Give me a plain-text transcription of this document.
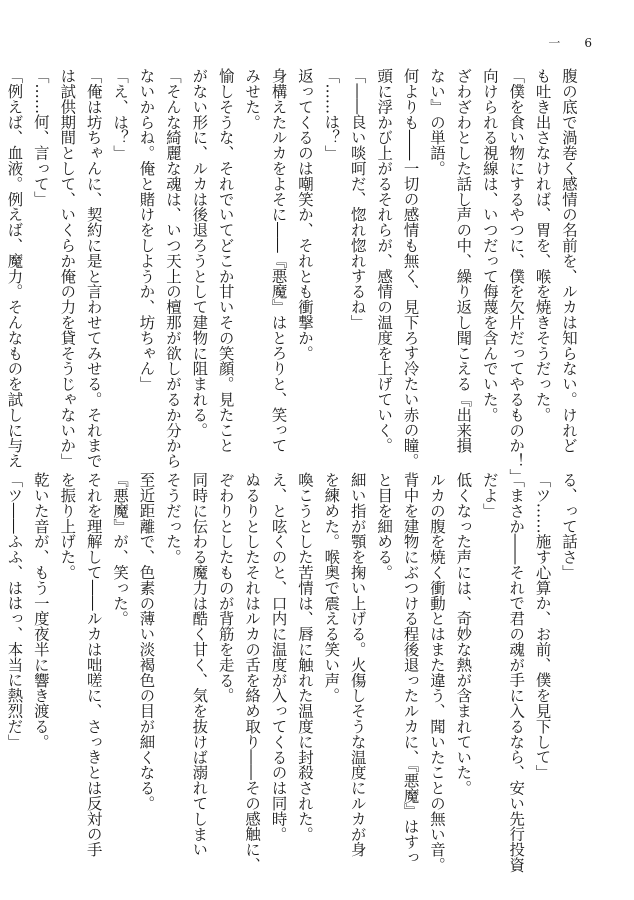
一　6
腹の底で渦巻く感情の名前を、ルカは知らない。けれど
も吐き出さなければ、胃を、喉を焼きそうだった。
「僕を食い物にするやつに、僕を欠片だってやるものか！」
向けられる視線は、いつだって侮蔑を含んでいた。
ざわざわとした話し声の中、繰り返し聞こえる『出来損
ない』の単語。
何よりも――一切の感情も無く、見下ろす冷たい赤の瞳。
頭に浮かび上がるそれらが、感情の温度を上げていく。
「――良い啖呵だ、惚れ惚れするね」
「……は？」
返ってくるのは嘲笑か、それとも衝撃か。
身構えたルカをよそに――『悪魔』はとろりと、笑って
みせた。
愉しそうな、それでいてどこか甘いその笑顔。見たこと
がない形に、ルカは後退ろうとして建物に阻まれる。
「そんな綺麗な魂は、いつ天上の檀那が欲しがるか分から
ないからね。俺と賭けをしようか、坊ちゃん」
「え、は？」
「俺は坊ちゃんに、契約に是と言わせてみせる。それまで
は試供期間として、いくらか俺の力を貸そうじゃないか」
「……何、言って」
「例えば、血液。例えば、魔力。そんなものを試しに与え
る、って話さ」
「ツ……施す心算か、お前、僕を見下して」
「まさか――それで君の魂が手に入るなら、安い先行投資
だよ」
低くなった声には、奇妙な熱が含まれていた。
ルカの腹を焼く衝動とはまた違う、聞いたことの無い音。
背中を建物にぶつける程後退ったルカに、『悪魔』はすっ
と目を細める。
細い指が顎を掬い上げる。火傷しそうな温度にルカが身
を練めた。喉奥で震える笑い声。
喚こうとした苦情は、唇に触れた温度に封殺された。
え、と呟くのと、口内に温度が入ってくるのは同時。
ぬるりとしたそれはルカの舌を絡め取り――その感触に、
ぞわりとしたものが背筋を走る。
同時に伝わる魔力は酷く甘く、気を抜けば溺れてしまい
そうだった。
至近距離で、色素の薄い淡褐色の目が細くなる。
『悪魔』が、笑った。
それを理解して――ルカは咄嗟に、さっきとは反対の手
を振り上げた。
乾いた音が、もう一度夜半に響き渡る。
「ツ――ふふ、ははっ、本当に熱烈だ」
